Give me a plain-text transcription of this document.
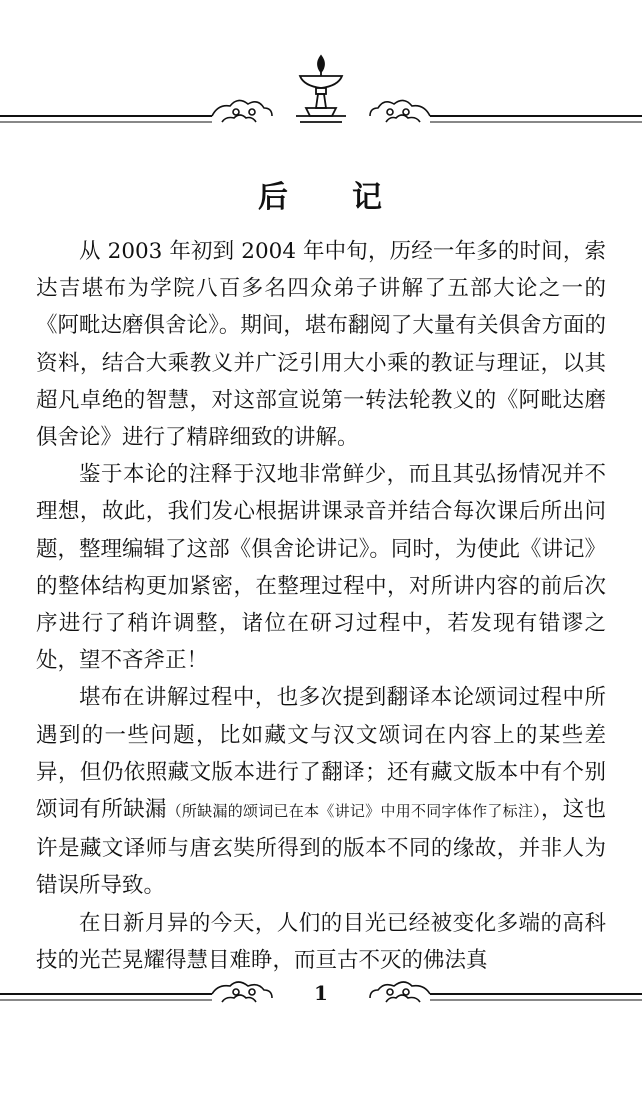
后 记

从 2003 年初到 2004 年中旬，历经一年多的时间，索达吉堪布为学院八百多名四众弟子讲解了五部大论之一的《阿毗达磨俱舍论》。期间，堪布翻阅了大量有关俱舍方面的资料，结合大乘教义并广泛引用大小乘的教证与理证，以其超凡卓绝的智慧，对这部宣说第一转法轮教义的《阿毗达磨俱舍论》进行了精辟细致的讲解。

鉴于本论的注释于汉地非常鲜少，而且其弘扬情况并不理想，故此，我们发心根据讲课录音并结合每次课后所出问题，整理编辑了这部《俱舍论讲记》。同时，为使此《讲记》的整体结构更加紧密，在整理过程中，对所讲内容的前后次序进行了稍许调整，诸位在研习过程中，若发现有错谬之处，望不吝斧正！

堪布在讲解过程中，也多次提到翻译本论颂词过程中所遇到的一些问题，比如藏文与汉文颂词在内容上的某些差异，但仍依照藏文版本进行了翻译；还有藏文版本中有个别颂词有所缺漏（所缺漏的颂词已在本《讲记》中用不同字体作了标注），这也许是藏文译师与唐玄奘所得到的版本不同的缘故，并非人为错误所导致。

在日新月异的今天，人们的目光已经被变化多端的高科技的光芒晃耀得慧目难睁，而亘古不灭的佛法真

1
